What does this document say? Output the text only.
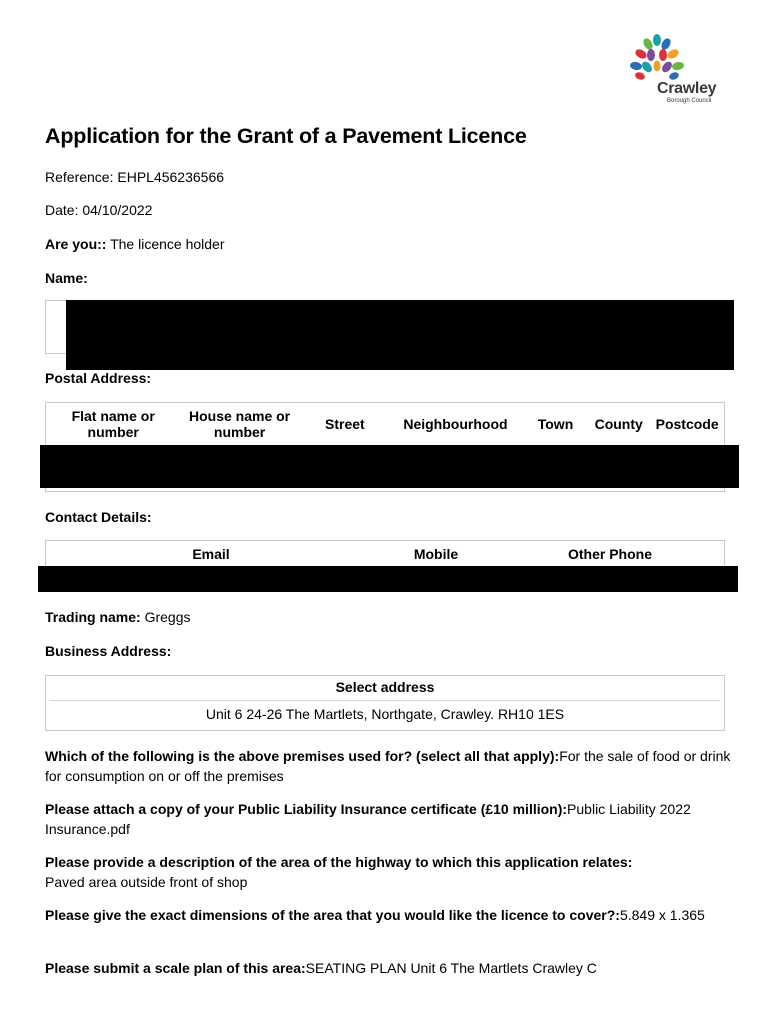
Crawley
Borough Council
Application for the Grant of a Pavement Licence
Reference: EHPL456236566
Date: 04/10/2022
Are you:: The licence holder
Name:
Postal Address:
Flat name or number	House name or number	Street	Neighbourhood	Town	County	Postcode
Contact Details:
Email	Mobile	Other Phone
Trading name: Greggs
Business Address:
Select address
Unit 6 24-26 The Martlets, Northgate, Crawley. RH10 1ES
Which of the following is the above premises used for? (select all that apply):For the sale of food or drink for consumption on or off the premises
Please attach a copy of your Public Liability Insurance certificate (£10 million):Public Liability 2022 Insurance.pdf
Please provide a description of the area of the highway to which this application relates:
Paved area outside front of shop
Please give the exact dimensions of the area that you would like the licence to cover?:5.849 x 1.365
Please submit a scale plan of this area:SEATING PLAN Unit 6 The Martlets Crawley C
